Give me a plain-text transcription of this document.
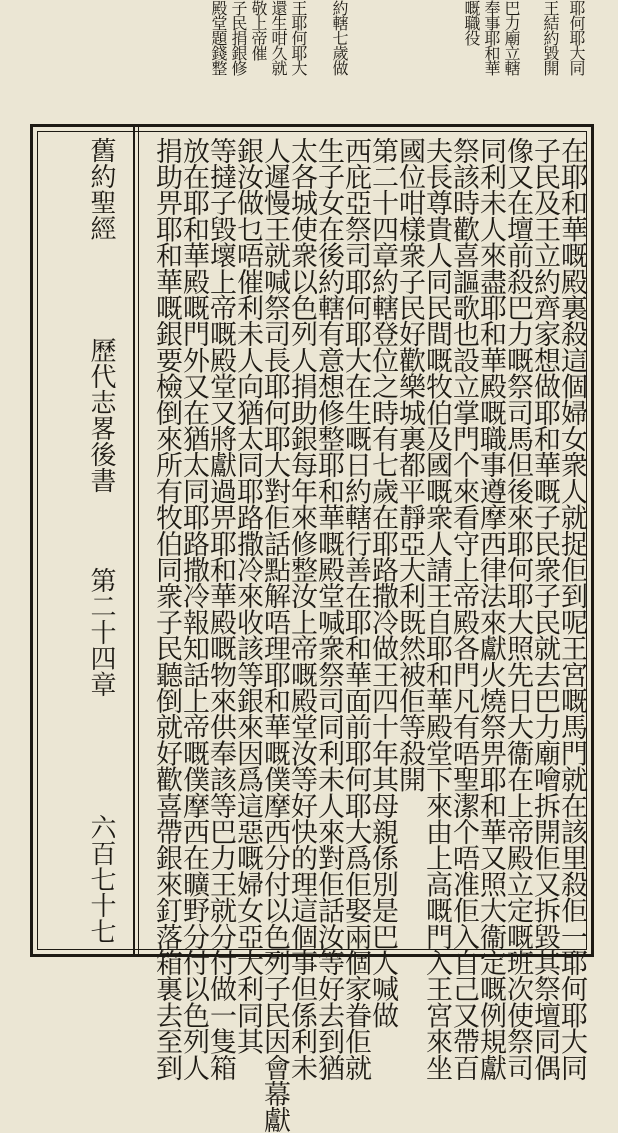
耶何耶大同
王結約毀開
巴力廟立轄
奉事耶和華
嘅職役
約轄七歲做
王耶何耶大
還生咁久就
敬上帝催
子民捐銀修
殿堂題錢整
舊約聖經
歷代志畧後書
第二十四章
六百七十七	在耶和華嘅殿裏殺這個婦女衆人就捉佢到呢王宮嘅馬門就在該里殺佢一耶何耶大同
子民及王立約齊家想做耶和華嘅子民衆子民就去巴力廟噲拆開佢又拆毀其祭壇同偶
像又在壇前殺巴力嘅祭司馬但後來耶何耶大照先日大衞在上帝殿立定嘅班次使祭司
同利未人來盡耶和華殿嘅職事遵摩西律法來獻火燒祭畀耶和華又照大衞定嘅例規獻
祭該時歡喜謳歌也設立掌門个來看守上帝殿各門凡有唔聖潔个唔准佢入自己又帶百
夫長尊貴人同民間嘅牧伯及國嘅衆人請王自耶和華殿堂下來由上高嘅門入王宮來坐
國位咁樣衆子民好歡樂城裏都平靜亞大利既然被佢等殺開
第二十四章約轄登位之時有七歲在耶路撒冷做王四十年其母親係別是巴人喊做
西庇亞祭司耶何耶大在生嘅日約轄行善在耶和華面前耶何耶大爲佢娶兩個家眷佢就
生子女在後約轄有意想修整耶和華嘅殿堂喊衆祭司同利未人來對佢話汝等好去到猶
太各城使衆以色列人捐助銀每年來修整汝上帝嘅殿堂汝等好快的理這個事但係利未
人遲慢王就喊祭司長耶何耶大對佢話點解唔理耶和華嘅僕摩西分付以色列子民因會幕獻
銀汝做乜唔催利未人向猶太同耶路撒冷來收該等銀來因爲這惡嘅婦女亞大利同其
等撻子毀壞上帝嘅殿堂又將獻過畀耶和華殿嘅物來供奉該等巴力王就分付做一隻箱
放在耶和華殿嘅門外又在猶太同耶路撒冷報知話上帝嘅僕摩西在曠野分付以色列人
捐助畀耶和華嘅銀要檢倒來所有牧伯同衆子民聽倒就好歡喜帶銀來釘落箱裏去至到
